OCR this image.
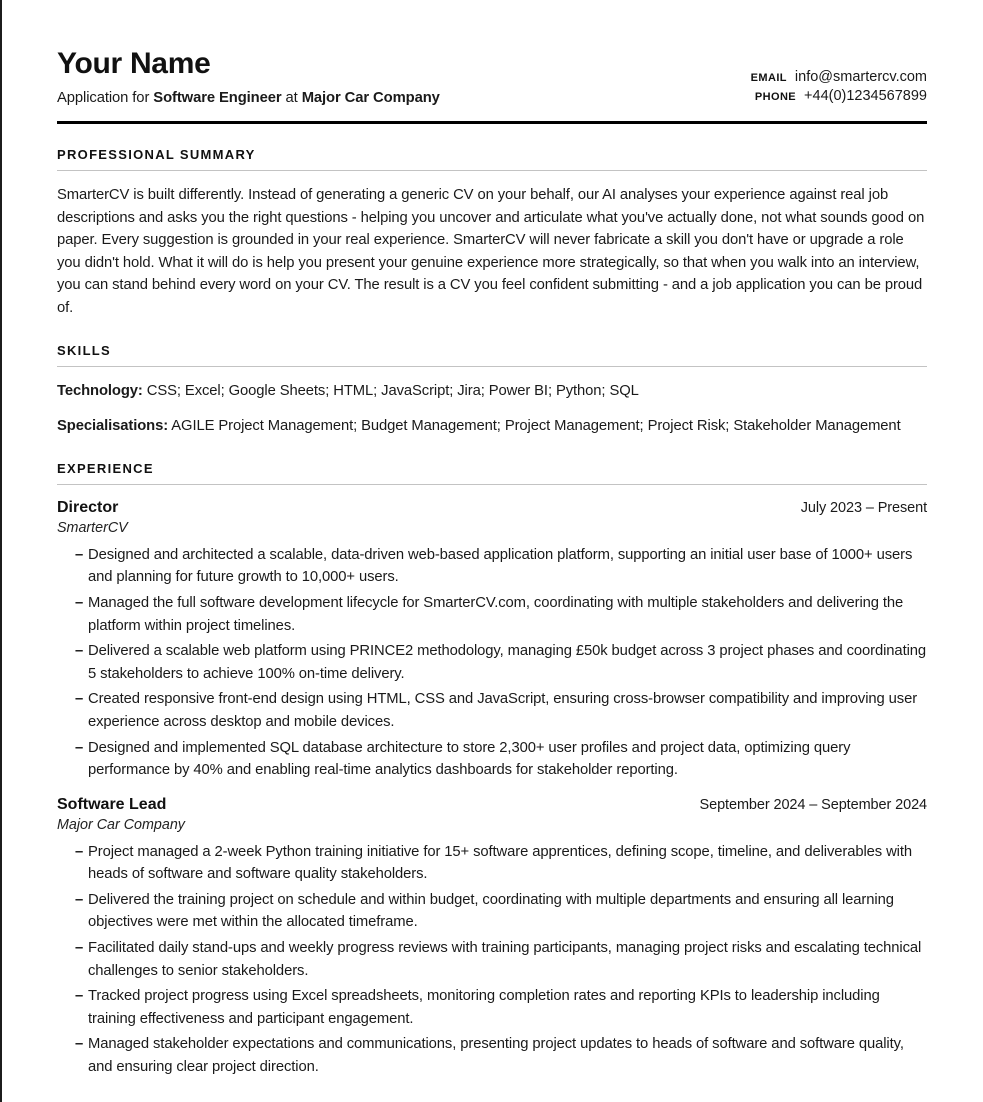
Your Name

Application for Software Engineer at Major Car Company

EMAIL info@smartercv.com
PHONE +44(0)1234567899
PROFESSIONAL SUMMARY

SmarterCV is built differently. Instead of generating a generic CV on your behalf, our AI analyses your experience against real job descriptions and asks you the right questions - helping you uncover and articulate what you've actually done, not what sounds good on paper. Every suggestion is grounded in your real experience. SmarterCV will never fabricate a skill you don't have or upgrade a role you didn't hold. What it will do is help you present your genuine experience more strategically, so that when you walk into an interview, you can stand behind every word on your CV. The result is a CV you feel confident submitting - and a job application you can be proud of.

SKILLS

Technology: CSS; Excel; Google Sheets; HTML; JavaScript; Jira; Power BI; Python; SQL

Specialisations: AGILE Project Management; Budget Management; Project Management; Project Risk; Stakeholder Management

EXPERIENCE
Director	July 2023 – Present
SmarterCV
– Designed and architected a scalable, data-driven web-based application platform, supporting an initial user base of 1000+ users and planning for future growth to 10,000+ users.
– Managed the full software development lifecycle for SmarterCV.com, coordinating with multiple stakeholders and delivering the platform within project timelines.
– Delivered a scalable web platform using PRINCE2 methodology, managing £50k budget across 3 project phases and coordinating 5 stakeholders to achieve 100% on-time delivery.
– Created responsive front-end design using HTML, CSS and JavaScript, ensuring cross-browser compatibility and improving user experience across desktop and mobile devices.
– Designed and implemented SQL database architecture to store 2,300+ user profiles and project data, optimizing query performance by 40% and enabling real-time analytics dashboards for stakeholder reporting.
Software Lead	September 2024 – September 2024
Major Car Company
– Project managed a 2-week Python training initiative for 15+ software apprentices, defining scope, timeline, and deliverables with heads of software and software quality stakeholders.
– Delivered the training project on schedule and within budget, coordinating with multiple departments and ensuring all learning objectives were met within the allocated timeframe.
– Facilitated daily stand-ups and weekly progress reviews with training participants, managing project risks and escalating technical challenges to senior stakeholders.
– Tracked project progress using Excel spreadsheets, monitoring completion rates and reporting KPIs to leadership including training effectiveness and participant engagement.
– Managed stakeholder expectations and communications, presenting project updates to heads of software and software quality, and ensuring clear project direction.
